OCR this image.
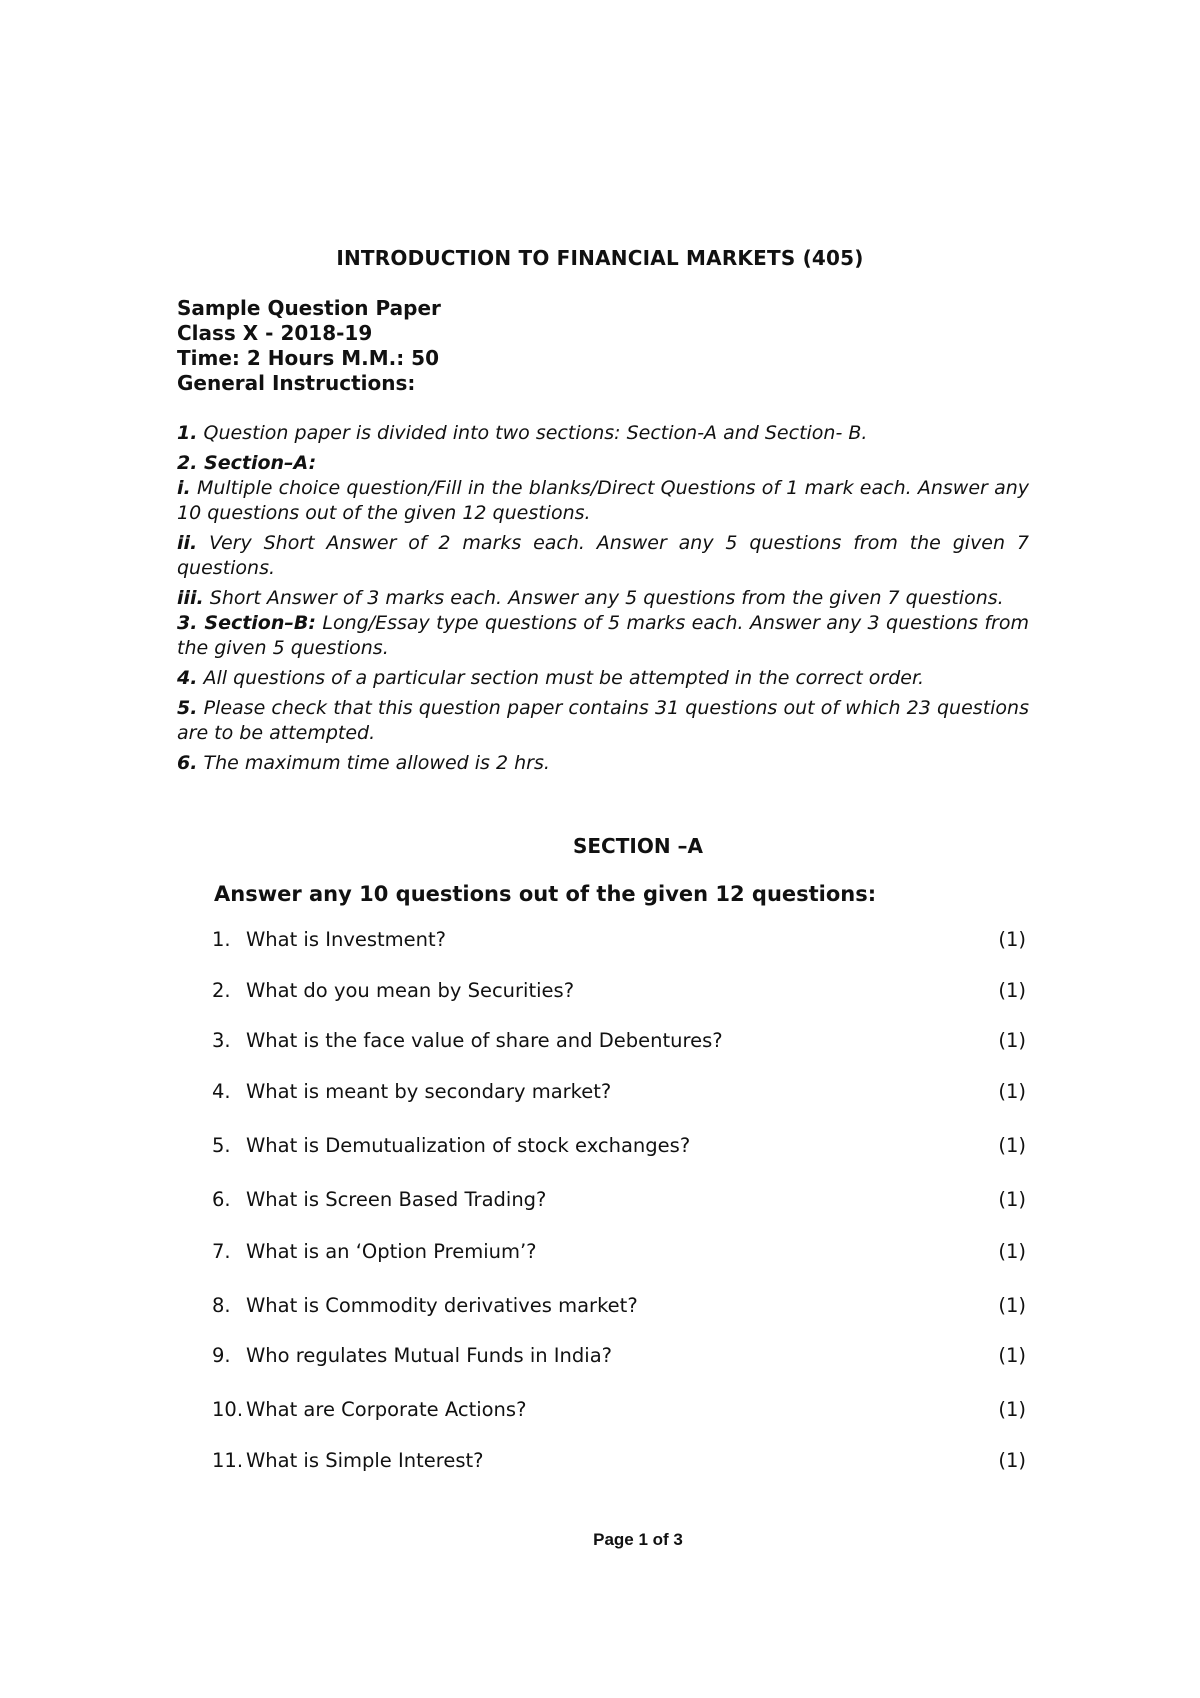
INTRODUCTION TO FINANCIAL MARKETS (405)
Sample Question Paper
Class X - 2018-19
Time: 2 Hours M.M.: 50
General Instructions:

1. Question paper is divided into two sections: Section-A and Section- B.

2. Section–A:

i. Multiple choice question/Fill in the blanks/Direct Questions of 1 mark each. Answer any 10 questions out of the given 12 questions.

ii. Very Short Answer of 2 marks each. Answer any 5 questions from the given 7 questions.

iii. Short Answer of 3 marks each. Answer any 5 questions from the given 7 questions.

3. Section–B: Long/Essay type questions of 5 marks each. Answer any 3 questions from the given 5 questions.

4. All questions of a particular section must be attempted in the correct order.

5. Please check that this question paper contains 31 questions out of which 23 questions are to be attempted.

6. The maximum time allowed is 2 hrs.

SECTION –A
Answer any 10 questions out of the given 12 questions:
1. What is Investment?	(1)
2. What do you mean by Securities?	(1)
3. What is the face value of share and Debentures?	(1)
4. What is meant by secondary market?	(1)
5. What is Demutualization of stock exchanges?	(1)
6. What is Screen Based Trading?	(1)
7. What is an ‘Option Premium’?	(1)
8. What is Commodity derivatives market?	(1)
9. Who regulates Mutual Funds in India?	(1)
10. What are Corporate Actions?	(1)
11. What is Simple Interest?	(1)
Page 1 of 3
